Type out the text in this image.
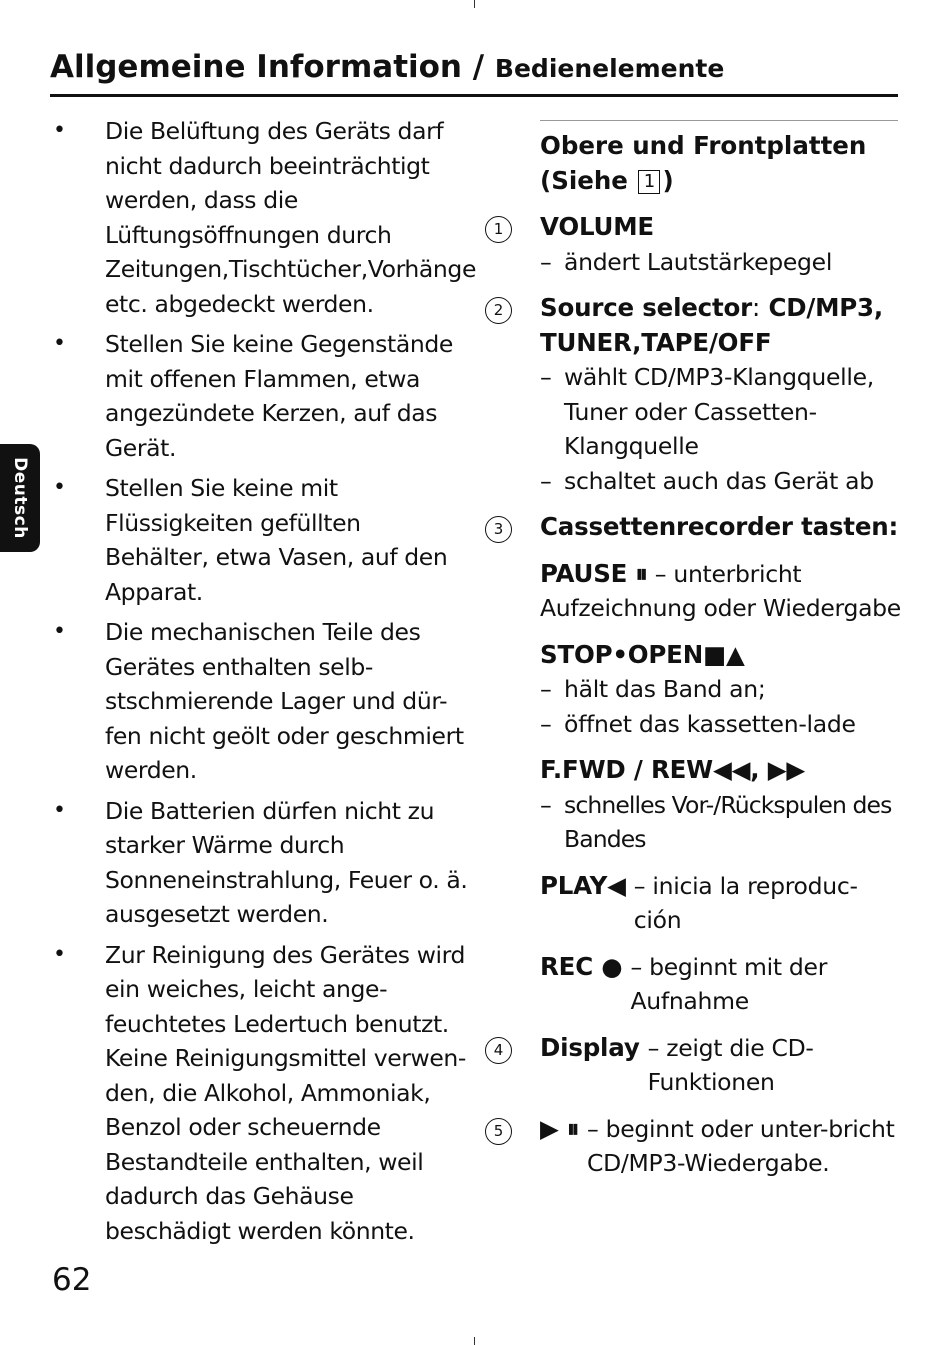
Allgemeine Information / Bedienelemente
Deutsch
• Die Belüftung des Geräts darf nicht dadurch beeinträchtigt werden, dass die Lüftungsöffnungen durch Zeitungen,Tischtücher,Vorhänge etc. abgedeckt werden.
• Stellen Sie keine Gegenstände mit offenen Flammen, etwa angezündete Kerzen, auf das Gerät.
• Stellen Sie keine mit Flüssigkeiten gefüllten Behälter, etwa Vasen, auf den Apparat.
• Die mechanischen Teile des Gerätes enthalten selb-stschmierende Lager und dür-fen nicht geölt oder geschmiert werden.
• Die Batterien dürfen nicht zu starker Wärme durch Sonneneinstrahlung, Feuer o. ä. ausgesetzt werden.
• Zur Reinigung des Gerätes wird ein weiches, leicht ange-feuchtetes Ledertuch benutzt. Keine Reinigungsmittel verwen-den, die Alkohol, Ammoniak, Benzol oder scheuernde Bestandteile enthalten, weil dadurch das Gehäuse beschädigt werden könnte.
Obere und Frontplatten (Siehe 1 )
1	VOLUME
– ändert Lautstärkepegel
2	Source selector: CD/MP3, TUNER,TAPE/OFF
– wählt CD/MP3-Klangquelle, Tuner oder Cassetten-Klangquelle
– schaltet auch das Gerät ab
3	Cassettenrecorder tasten:
PAUSE ⏸ – unterbricht Aufzeichnung oder Wiedergabe
STOP•OPEN■▲
– hält das Band an;
– öffnet das kassetten-lade
F.FWD / REW◀◀, ▶▶
– schnelles Vor-/Rückspulen des Bandes
PLAY◀ – inicia la reproduc-ción
REC ● – beginnt mit der Aufnahme
4	Display – zeigt die CD-Funktionen
5	▶ ⏸ – beginnt oder unter-bricht CD/MP3-Wiedergabe.
62
